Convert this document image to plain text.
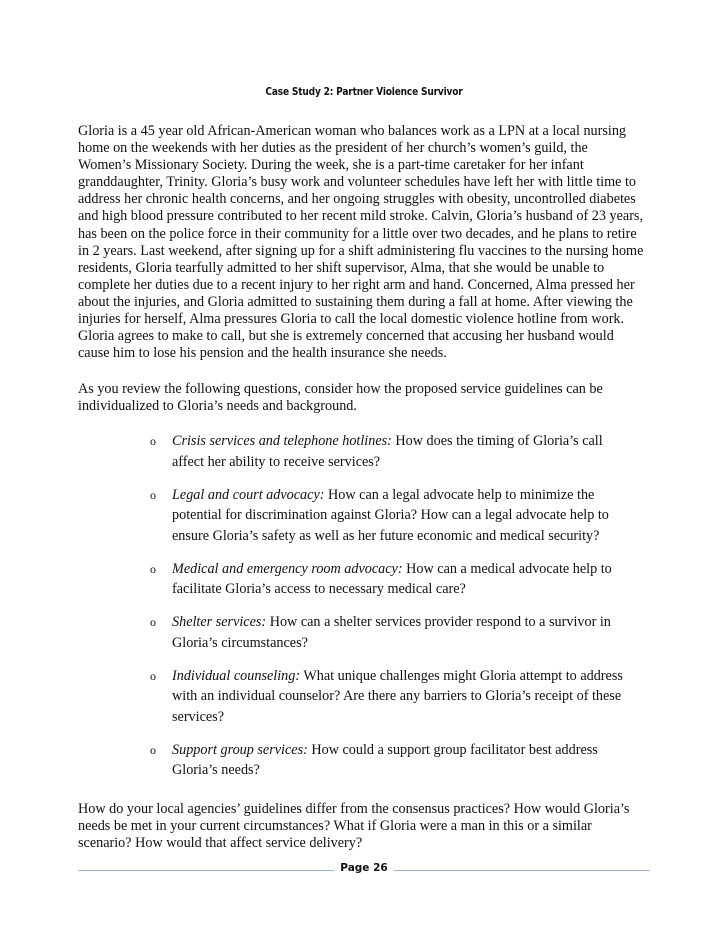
Case Study 2: Partner Violence Survivor
Gloria is a 45 year old African-American woman who balances work as a LPN at a local nursing home on the weekends with her duties as the president of her church’s women’s guild, the Women’s Missionary Society. During the week, she is a part-time caretaker for her infant granddaughter, Trinity. Gloria’s busy work and volunteer schedules have left her with little time to address her chronic health concerns, and her ongoing struggles with obesity, uncontrolled diabetes and high blood pressure contributed to her recent mild stroke. Calvin, Gloria’s husband of 23 years, has been on the police force in their community for a little over two decades, and he plans to retire in 2 years. Last weekend, after signing up for a shift administering flu vaccines to the nursing home residents, Gloria tearfully admitted to her shift supervisor, Alma, that she would be unable to complete her duties due to a recent injury to her right arm and hand. Concerned, Alma pressed her about the injuries, and Gloria admitted to sustaining them during a fall at home. After viewing the injuries for herself, Alma pressures Gloria to call the local domestic violence hotline from work. Gloria agrees to make to call, but she is extremely concerned that accusing her husband would cause him to lose his pension and the health insurance she needs.
As you review the following questions, consider how the proposed service guidelines can be individualized to Gloria’s needs and background.
o Crisis services and telephone hotlines: How does the timing of Gloria’s call affect her ability to receive services?
o Legal and court advocacy: How can a legal advocate help to minimize the potential for discrimination against Gloria? How can a legal advocate help to ensure Gloria’s safety as well as her future economic and medical security?
o Medical and emergency room advocacy: How can a medical advocate help to facilitate Gloria’s access to necessary medical care?
o Shelter services: How can a shelter services provider respond to a survivor in Gloria’s circumstances?
o Individual counseling: What unique challenges might Gloria attempt to address with an individual counselor? Are there any barriers to Gloria’s receipt of these services?
o Support group services: How could a support group facilitator best address Gloria’s needs?
How do your local agencies’ guidelines differ from the consensus practices? How would Gloria’s needs be met in your current circumstances? What if Gloria were a man in this or a similar scenario? How would that affect service delivery?
Page 26
